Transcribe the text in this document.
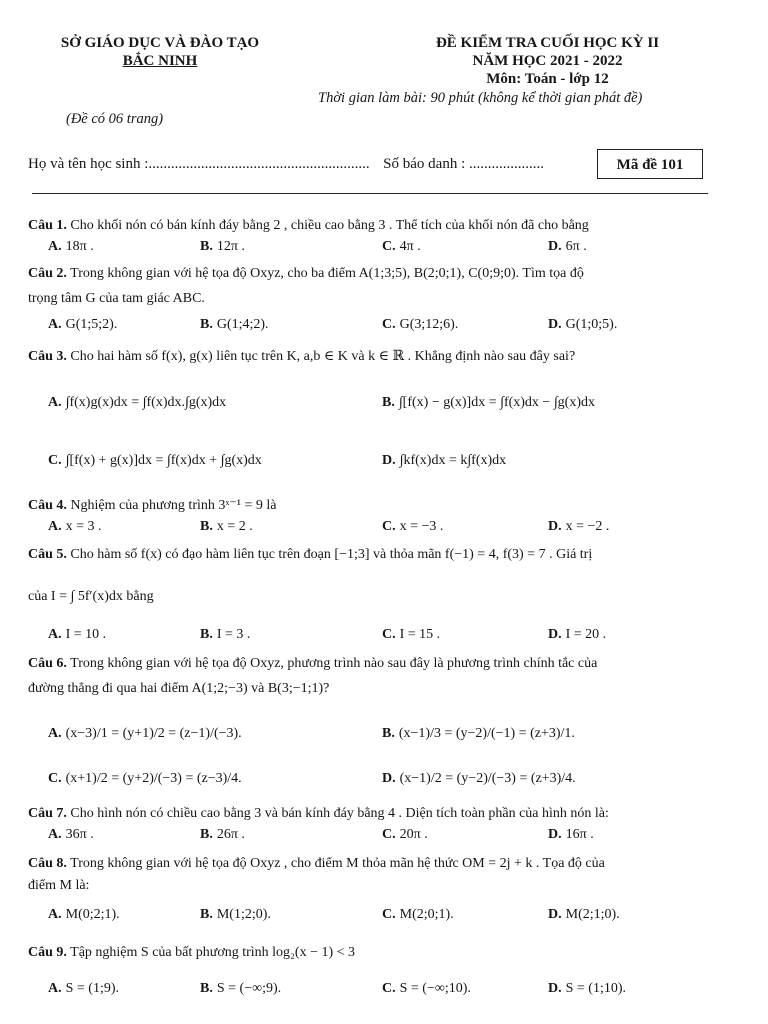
SỞ GIÁO DỤC VÀ ĐÀO TẠO
BẮC NINH
ĐỀ KIỂM TRA CUỐI HỌC KỲ II
NĂM HỌC 2021 - 2022
Môn: Toán - lớp 12
Thời gian làm bài: 90 phút (không kể thời gian phát đề)
(Đề có 06 trang)
Họ và tên học sinh :........................................................... Số báo danh : ....................	Mã đề 101
Câu 1. Cho khối nón có bán kính đáy bằng 2 , chiều cao bằng 3 . Thể tích của khối nón đã cho bằng
A. 18π .	B. 12π .	C. 4π .	D. 6π .
Câu 2. Trong không gian với hệ tọa độ Oxyz, cho ba điểm A(1;3;5), B(2;0;1), C(0;9;0). Tìm tọa độ
trọng tâm G của tam giác ABC.
A. G(1;5;2).	B. G(1;4;2).	C. G(3;12;6).	D. G(1;0;5).
Câu 3. Cho hai hàm số f(x), g(x) liên tục trên K, a,b ∈ K và k ∈ ℝ . Khẳng định nào sau đây sai?
A. ∫f(x)g(x)dx = ∫f(x)dx.∫g(x)dx	B. ∫[f(x) − g(x)]dx = ∫f(x)dx − ∫g(x)dx
C. ∫[f(x) + g(x)]dx = ∫f(x)dx + ∫g(x)dx	D. ∫kf(x)dx = k∫f(x)dx
Câu 4. Nghiệm của phương trình 3ˣ⁻¹ = 9 là
A. x = 3 .	B. x = 2 .	C. x = −3 .	D. x = −2 .
Câu 5. Cho hàm số f(x) có đạo hàm liên tục trên đoạn [−1;3] và thỏa mãn f(−1) = 4, f(3) = 7 . Giá trị
của I = ∫ 5f′(x)dx bằng
A. I = 10 .	B. I = 3 .	C. I = 15 .	D. I = 20 .
Câu 6. Trong không gian với hệ tọa độ Oxyz, phương trình nào sau đây là phương trình chính tắc của
đường thẳng đi qua hai điểm A(1;2;−3) và B(3;−1;1)?
A. (x−3)/1 = (y+1)/2 = (z−1)/(−3).	B. (x−1)/3 = (y−2)/(−1) = (z+3)/1.
C. (x+1)/2 = (y+2)/(−3) = (z−3)/4.	D. (x−1)/2 = (y−2)/(−3) = (z+3)/4.
Câu 7. Cho hình nón có chiều cao bằng 3 và bán kính đáy bằng 4 . Diện tích toàn phần của hình nón là:
A. 36π .	B. 26π .	C. 20π .	D. 16π .
Câu 8. Trong không gian với hệ tọa độ Oxyz , cho điểm M thỏa mãn hệ thức OM = 2j + k . Tọa độ của
điểm M là:
A. M(0;2;1).	B. M(1;2;0).	C. M(2;0;1).	D. M(2;1;0).
Câu 9. Tập nghiệm S của bất phương trình log₂(x − 1) < 3
A. S = (1;9).	B. S = (−∞;9).	C. S = (−∞;10).	D. S = (1;10).
